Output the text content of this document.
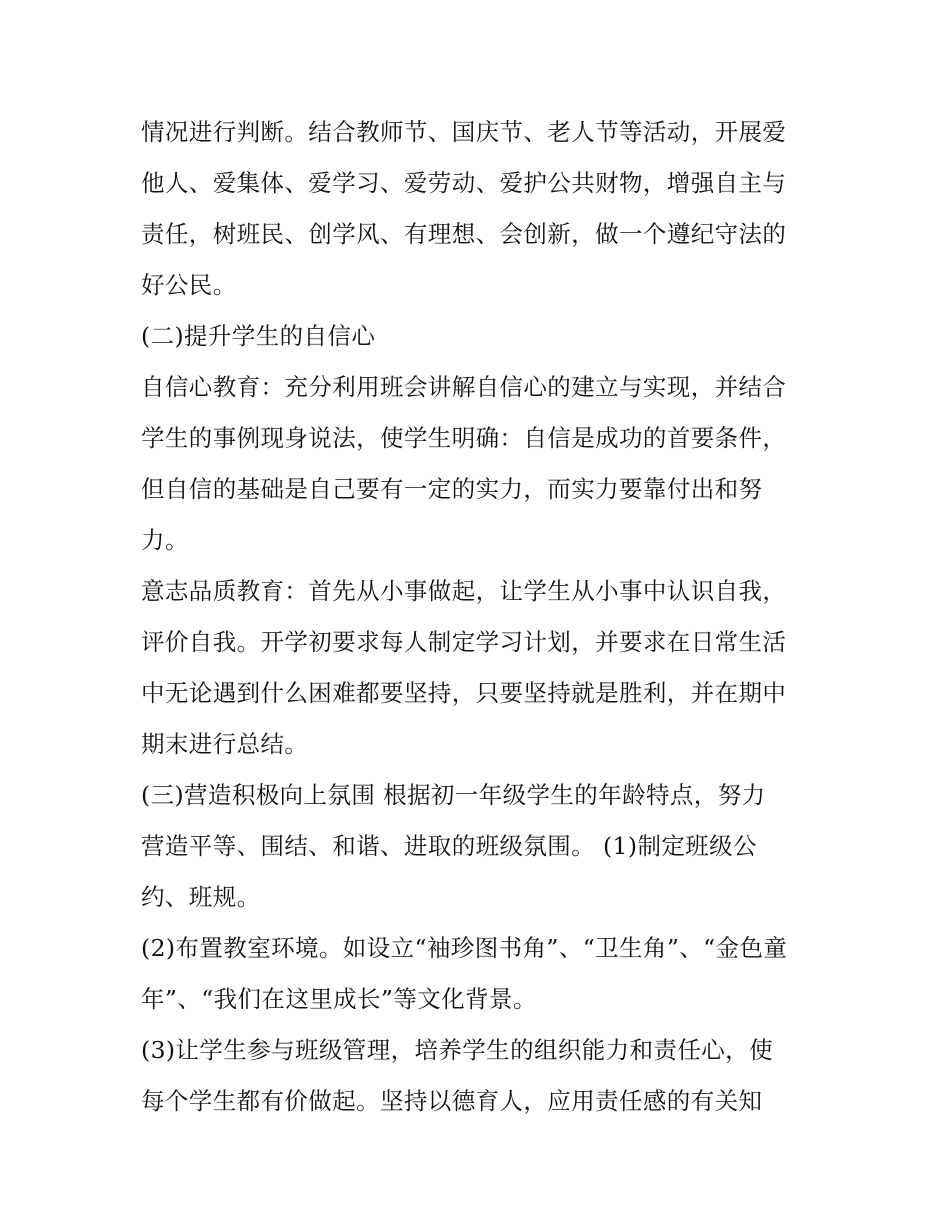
情况进行判断。结合教师节、国庆节、老人节等活动，开展爱
他人、爱集体、爱学习、爱劳动、爱护公共财物，增强自主与
责任，树班民、创学风、有理想、会创新，做一个遵纪守法的
好公民。
(二)提升学生的自信心
自信心教育：充分利用班会讲解自信心的建立与实现，并结合
学生的事例现身说法，使学生明确：自信是成功的首要条件，
但自信的基础是自己要有一定的实力，而实力要靠付出和努
力。
意志品质教育：首先从小事做起，让学生从小事中认识自我，
评价自我。开学初要求每人制定学习计划，并要求在日常生活
中无论遇到什么困难都要坚持，只要坚持就是胜利，并在期中
期末进行总结。
(三)营造积极向上氛围 根据初一年级学生的年龄特点，努力
营造平等、围结、和谐、进取的班级氛围。 (1)制定班级公
约、班规。
(2)布置教室环境。如设立“袖珍图书角”、“卫生角”、“金色童
年”、“我们在这里成长”等文化背景。
(3)让学生参与班级管理，培养学生的组织能力和责任心，使
每个学生都有价做起。坚持以德育人，应用责任感的有关知
